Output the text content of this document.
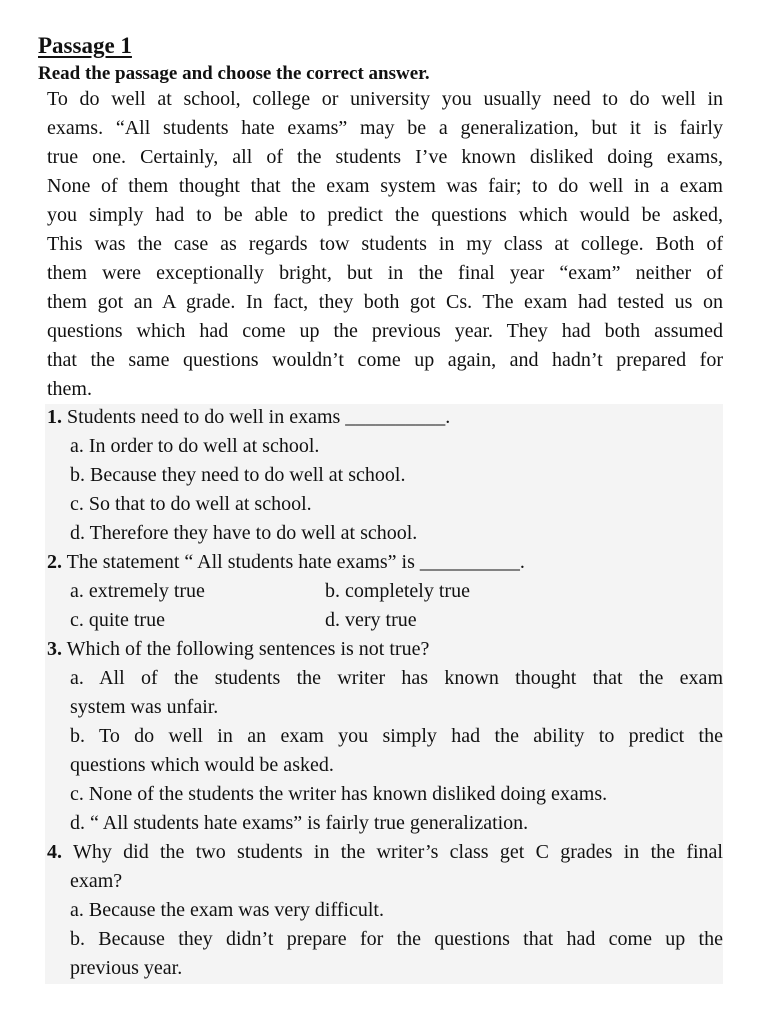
Passage 1

Read the passage and choose the correct answer.

To do well at school, college or university you usually need to do well in
exams. “All students hate exams” may be a generalization, but it is fairly
true one. Certainly, all of the students I’ve known disliked doing exams,
None of them thought that the exam system was fair; to do well in a exam
you simply had to be able to predict the questions which would be asked,
This was the case as regards tow students in my class at college. Both of
them were exceptionally bright, but in the final year “exam” neither of
them got an A grade. In fact, they both got Cs. The exam had tested us on
questions which had come up the previous year. They had both assumed
that the same questions wouldn’t come up again, and hadn’t prepared for
them.
1. Students need to do well in exams __________.
a. In order to do well at school.
b. Because they need to do well at school.
c. So that to do well at school.
d. Therefore they have to do well at school.
2. The statement “ All students hate exams” is __________.
a. extremely true	b. completely true
c. quite true	d. very true
3. Which of the following sentences is not true?
a. All of the students the writer has known thought that the exam
system was unfair.
b. To do well in an exam you simply had the ability to predict the
questions which would be asked.
c. None of the students the writer has known disliked doing exams.
d. “ All students hate exams” is fairly true generalization.
4. Why did the two students in the writer’s class get C grades in the final
exam?
a. Because the exam was very difficult.
b. Because they didn’t prepare for the questions that had come up the
previous year.
